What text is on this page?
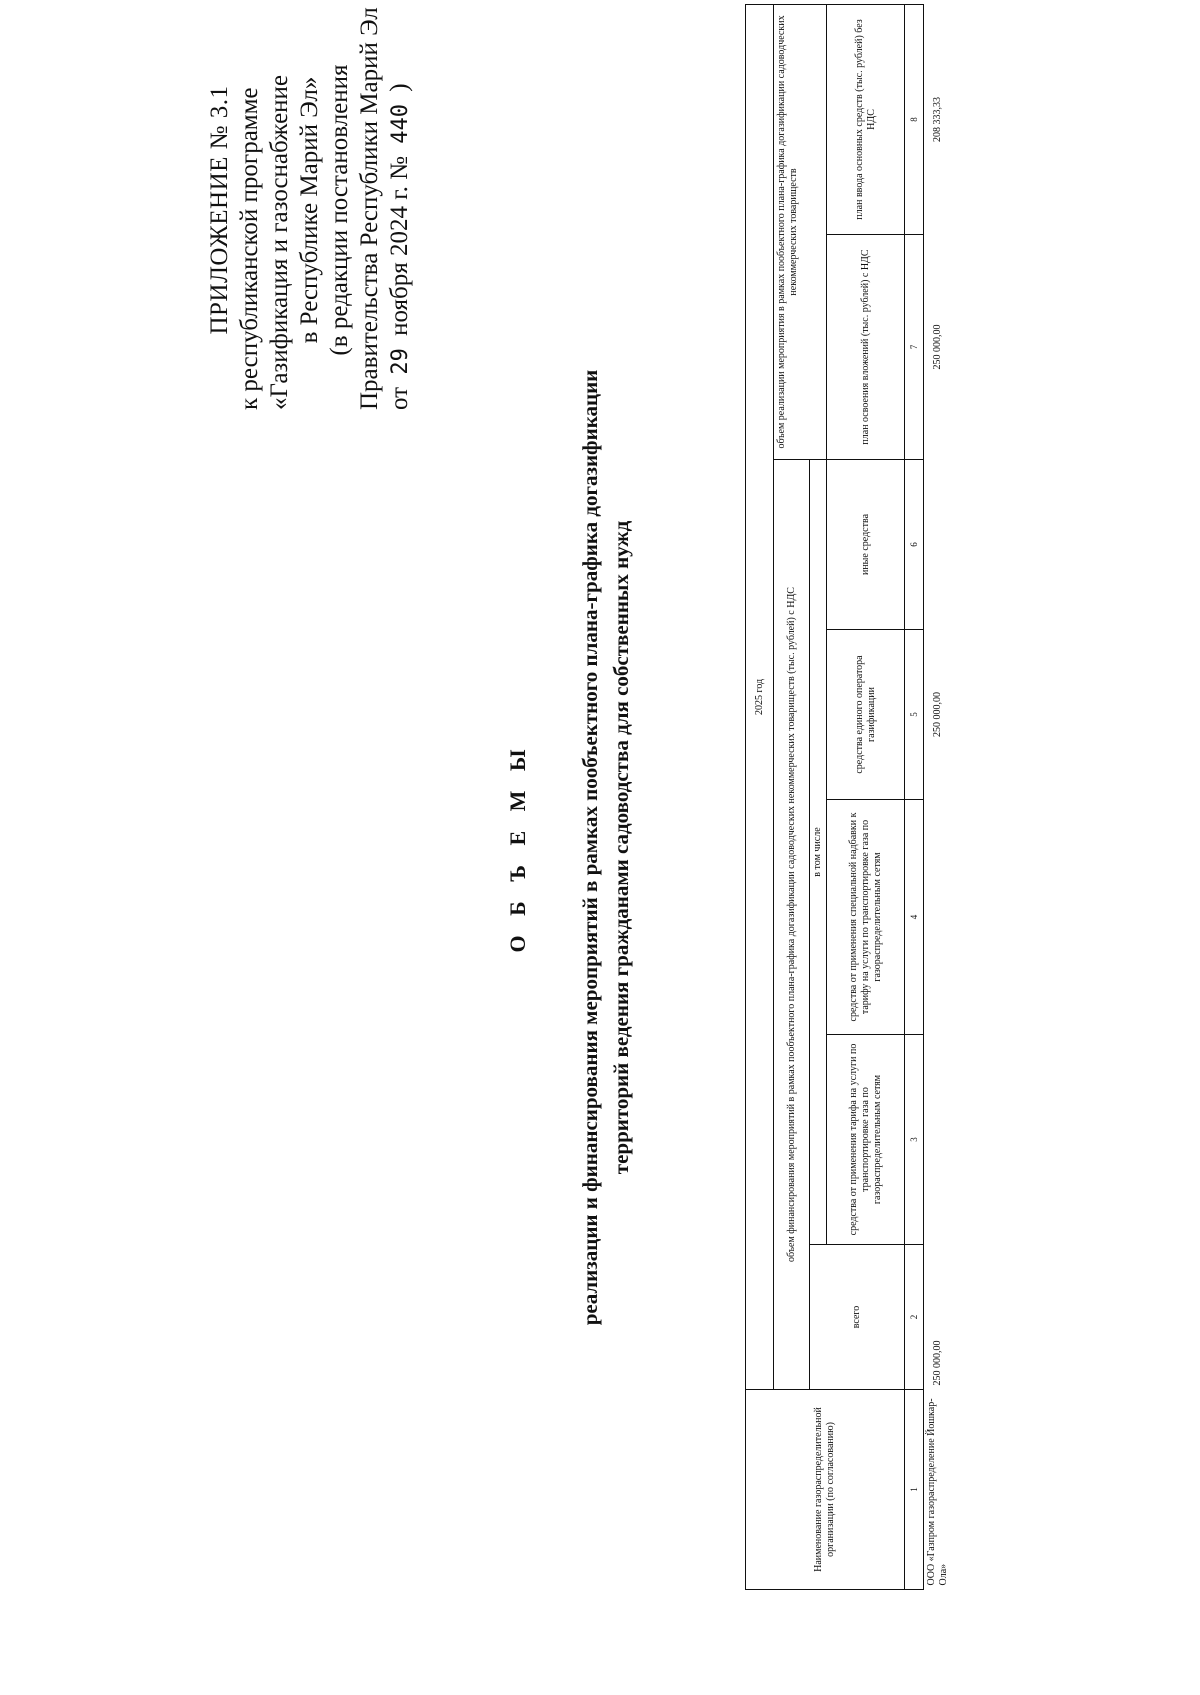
ПРИЛОЖЕНИЕ № 3.1 к республиканской программе «Газификация и газоснабжение в Республике Марий Эл» (в редакции постановления Правительства Республики Марий Эл от 29 ноября 2024 г. № 440 )
О Б Ъ Е М Ы реализации и финансирования мероприятий в рамках пообъектного плана-графика догазификации территорий ведения гражданами садоводства для собственных нужд
Наименование газораспределительной организации (по согласованию)	2025 год						
	объем финансирования мероприятий в рамках пообъектного плана-графика догазификации садоводческих некоммерческих товариществ (тыс. рублей) с НДС					объем реализации мероприятия в рамках пообъектного плана-графика догазификации садоводческих некоммерческих товариществ	
	всего	в том числе					
		средства от применения тарифа на услуги по транспортировке газа по газораспределительным сетям	средства от применения специальной надбавки к тарифу на услуги по транспортировке газа по газораспределительным сетям	средства единого оператора газификации	иные средства	план освоения вложений (тыс. рублей) с НДС	план ввода основных средств (тыс. рублей) без НДС
1	2	3	4	5	6	7	8
ООО «Газпром газораспределение Йошкар-Ола»	250 000,00			250 000,00		250 000,00	208 333,33
